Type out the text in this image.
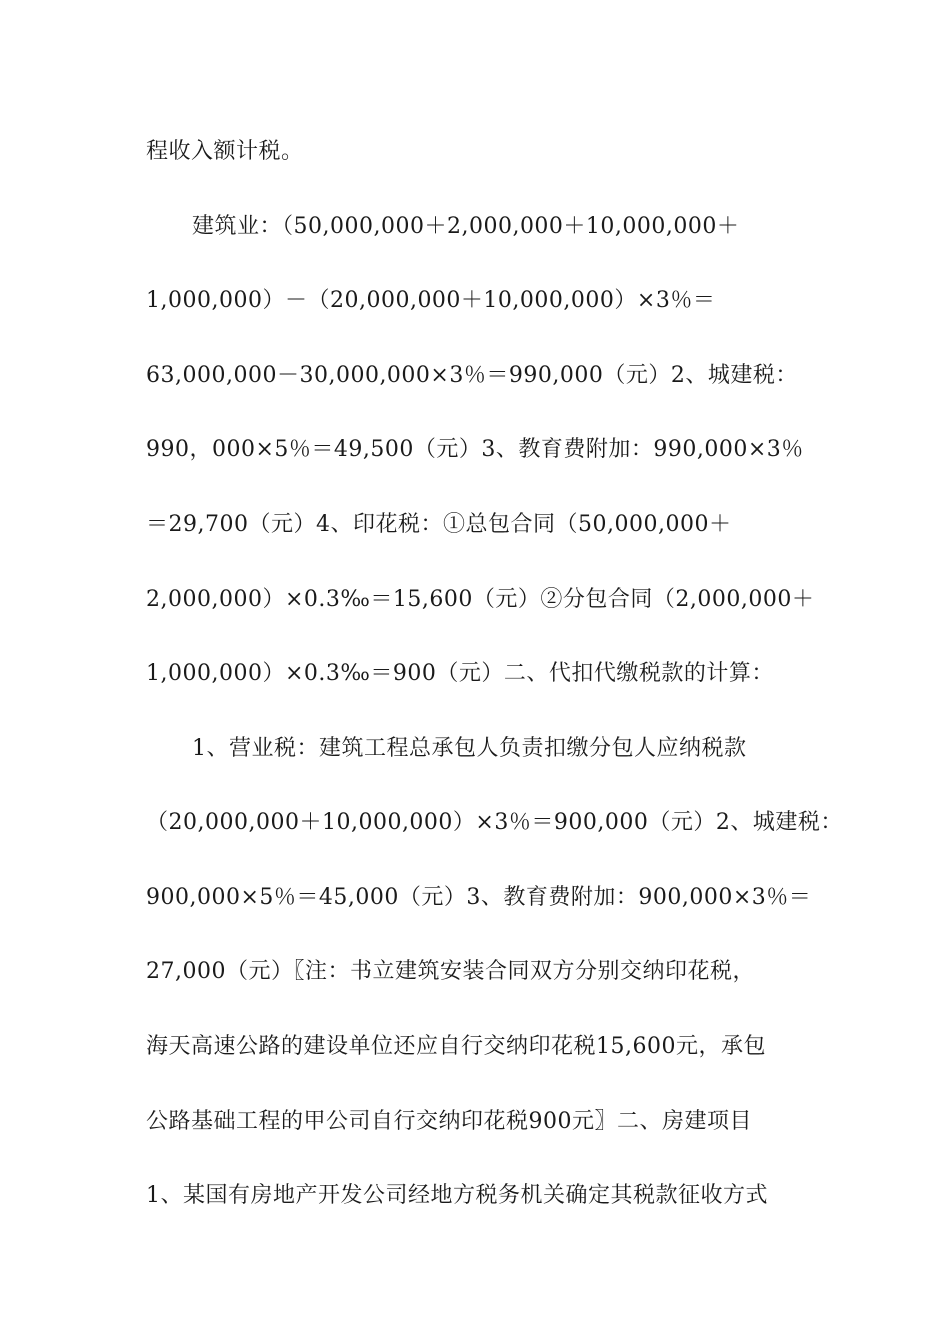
程收入额计税。
建筑业：（50,000,000＋2,000,000＋10,000,000＋
1,000,000）－（20,000,000＋10,000,000）×3％＝
63,000,000－30,000,000×3％＝990,000（元）2、城建税：
990，000×5％＝49,500（元）3、教育费附加：990,000×3％
＝29,700（元）4、印花税：①总包合同（50,000,000＋
2,000,000）×0.3‰＝15,600（元）②分包合同（2,000,000＋
1,000,000）×0.3‰＝900（元）二、代扣代缴税款的计算：
1、营业税：建筑工程总承包人负责扣缴分包人应纳税款
（20,000,000＋10,000,000）×3％＝900,000（元）2、城建税：
900,000×5％＝45,000（元）3、教育费附加：900,000×3％＝
27,000（元）〖注：书立建筑安装合同双方分别交纳印花税，
海天高速公路的建设单位还应自行交纳印花税15,600元，承包
公路基础工程的甲公司自行交纳印花税900元〗二、房建项目
1、某国有房地产开发公司经地方税务机关确定其税款征收方式
